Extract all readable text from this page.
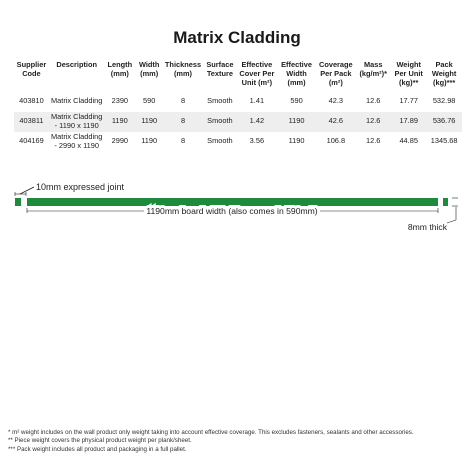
Matrix Cladding
Supplier Code	Description	Length (mm)	Width (mm)	Thickness (mm)	Surface Texture	Effective Cover Per Unit (m²)	Effective Width (mm)	Coverage Per Pack (m²)	Mass (kg/m²)*	Weight Per Unit (kg)**	Pack Weight (kg)***
403810	Matrix Cladding	2390	590	8	Smooth	1.41	590	42.3	12.6	17.77	532.98
403811	Matrix Cladding - 1190 x 1190	1190	1190	8	Smooth	1.42	1190	42.6	12.6	17.89	536.76
404169	Matrix Cladding - 2990 x 1190	2990	1190	8	Smooth	3.56	1190	106.8	12.6	44.85	1345.68
10mm expressed joint
1190mm board width (also comes in 590mm)
8mm thick
* m² weight includes on the wall product only weight taking into account effective coverage. This excludes fasteners, sealants and other accessories.
** Piece weight covers the physical product weight per plank/sheet.
*** Pack weight includes all product and packaging in a full pallet.
